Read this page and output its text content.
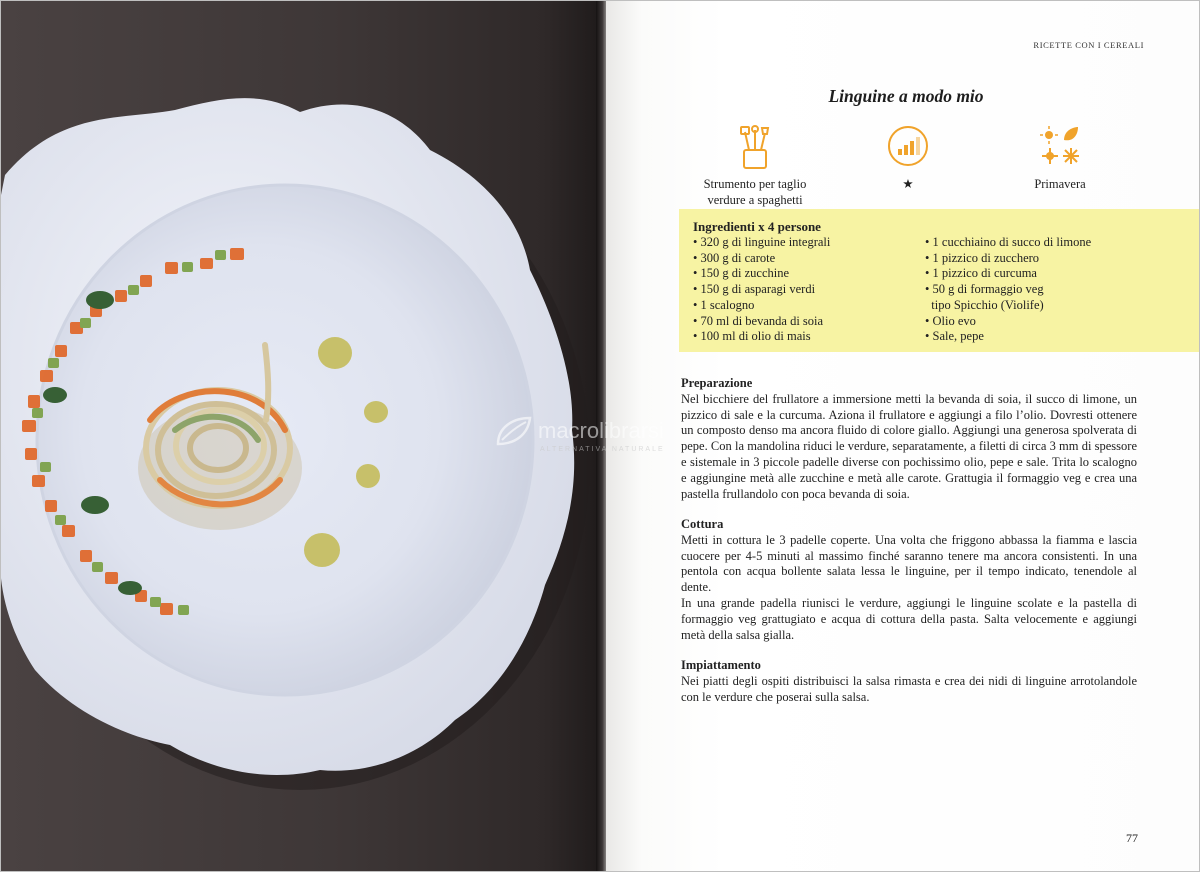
RICETTE CON I CEREALI
Linguine a modo mio
Strumento per taglio
verdure a spaghetti
★	Primavera
Ingredienti x 4 persone
• 320 g di linguine integrali
• 300 g di carote
• 150 g di zucchine
• 150 g di asparagi verdi
• 1 scalogno
• 70 ml di bevanda di soia
• 100 ml di olio di mais
• 1 cucchiaino di succo di limone
• 1 pizzico di zucchero
• 1 pizzico di curcuma
• 50 g di formaggio veg
tipo Spicchio (Violife)
• Olio evo
• Sale, pepe
Preparazione

Nel bicchiere del frullatore a immersione metti la bevanda di soia, il succo di limone, un pizzico di sale e la curcuma. Aziona il frullatore e aggiungi a filo l’olio. Dovresti ottenere un composto denso ma ancora fluido di colore giallo. Aggiungi una generosa spolverata di pepe. Con la mandolina riduci le verdure, separatamente, a filetti di circa 3 mm di spessore e sistemale in 3 piccole padelle diverse con pochissimo olio, pepe e sale. Trita lo scalogno e aggiungine metà alle zucchine e metà alle carote. Grattugia il formaggio veg e crea una pastella frullandolo con poca bevanda di soia.

Cottura

Metti in cottura le 3 padelle coperte. Una volta che friggono abbassa la fiamma e lascia cuocere per 4-5 minuti al massimo finché saranno tenere ma ancora consistenti. In una pentola con acqua bollente salata lessa le linguine, per il tempo indicato, tenendole al dente.

In una grande padella riunisci le verdure, aggiungi le linguine scolate e la pastella di formaggio veg grattugiato e acqua di cottura della pasta. Salta velocemente e aggiungi metà della salsa gialla.

Impiattamento

Nei piatti degli ospiti distribuisci la salsa rimasta e crea dei nidi di linguine arrotolandole con le verdure che poserai sulla salsa.

77
macrolibrarsi
ALTERNATIVA NATURALE
